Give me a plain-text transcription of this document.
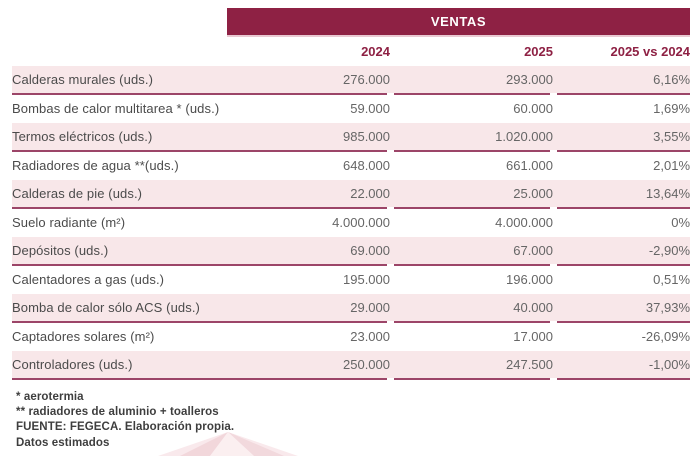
	VENTAS		
	2024	2025	2025 vs 2024
Calderas murales (uds.)	276.000	293.000	6,16%
Bombas de calor multitarea * (uds.)	59.000	60.000	1,69%
Termos eléctricos (uds.)	985.000	1.020.000	3,55%
Radiadores de agua **(uds.)	648.000	661.000	2,01%
Calderas de pie (uds.)	22.000	25.000	13,64%
Suelo radiante (m²)	4.000.000	4.000.000	0%
Depósitos (uds.)	69.000	67.000	-2,90%
Calentadores a gas (uds.)	195.000	196.000	0,51%
Bomba de calor sólo ACS (uds.)	29.000	40.000	37,93%
Captadores solares (m²)	23.000	17.000	-26,09%
Controladores (uds.)	250.000	247.500	-1,00%
* aerotermia
** radiadores de aluminio + toalleros
FUENTE: FEGECA. Elaboración propia.
Datos estimados
